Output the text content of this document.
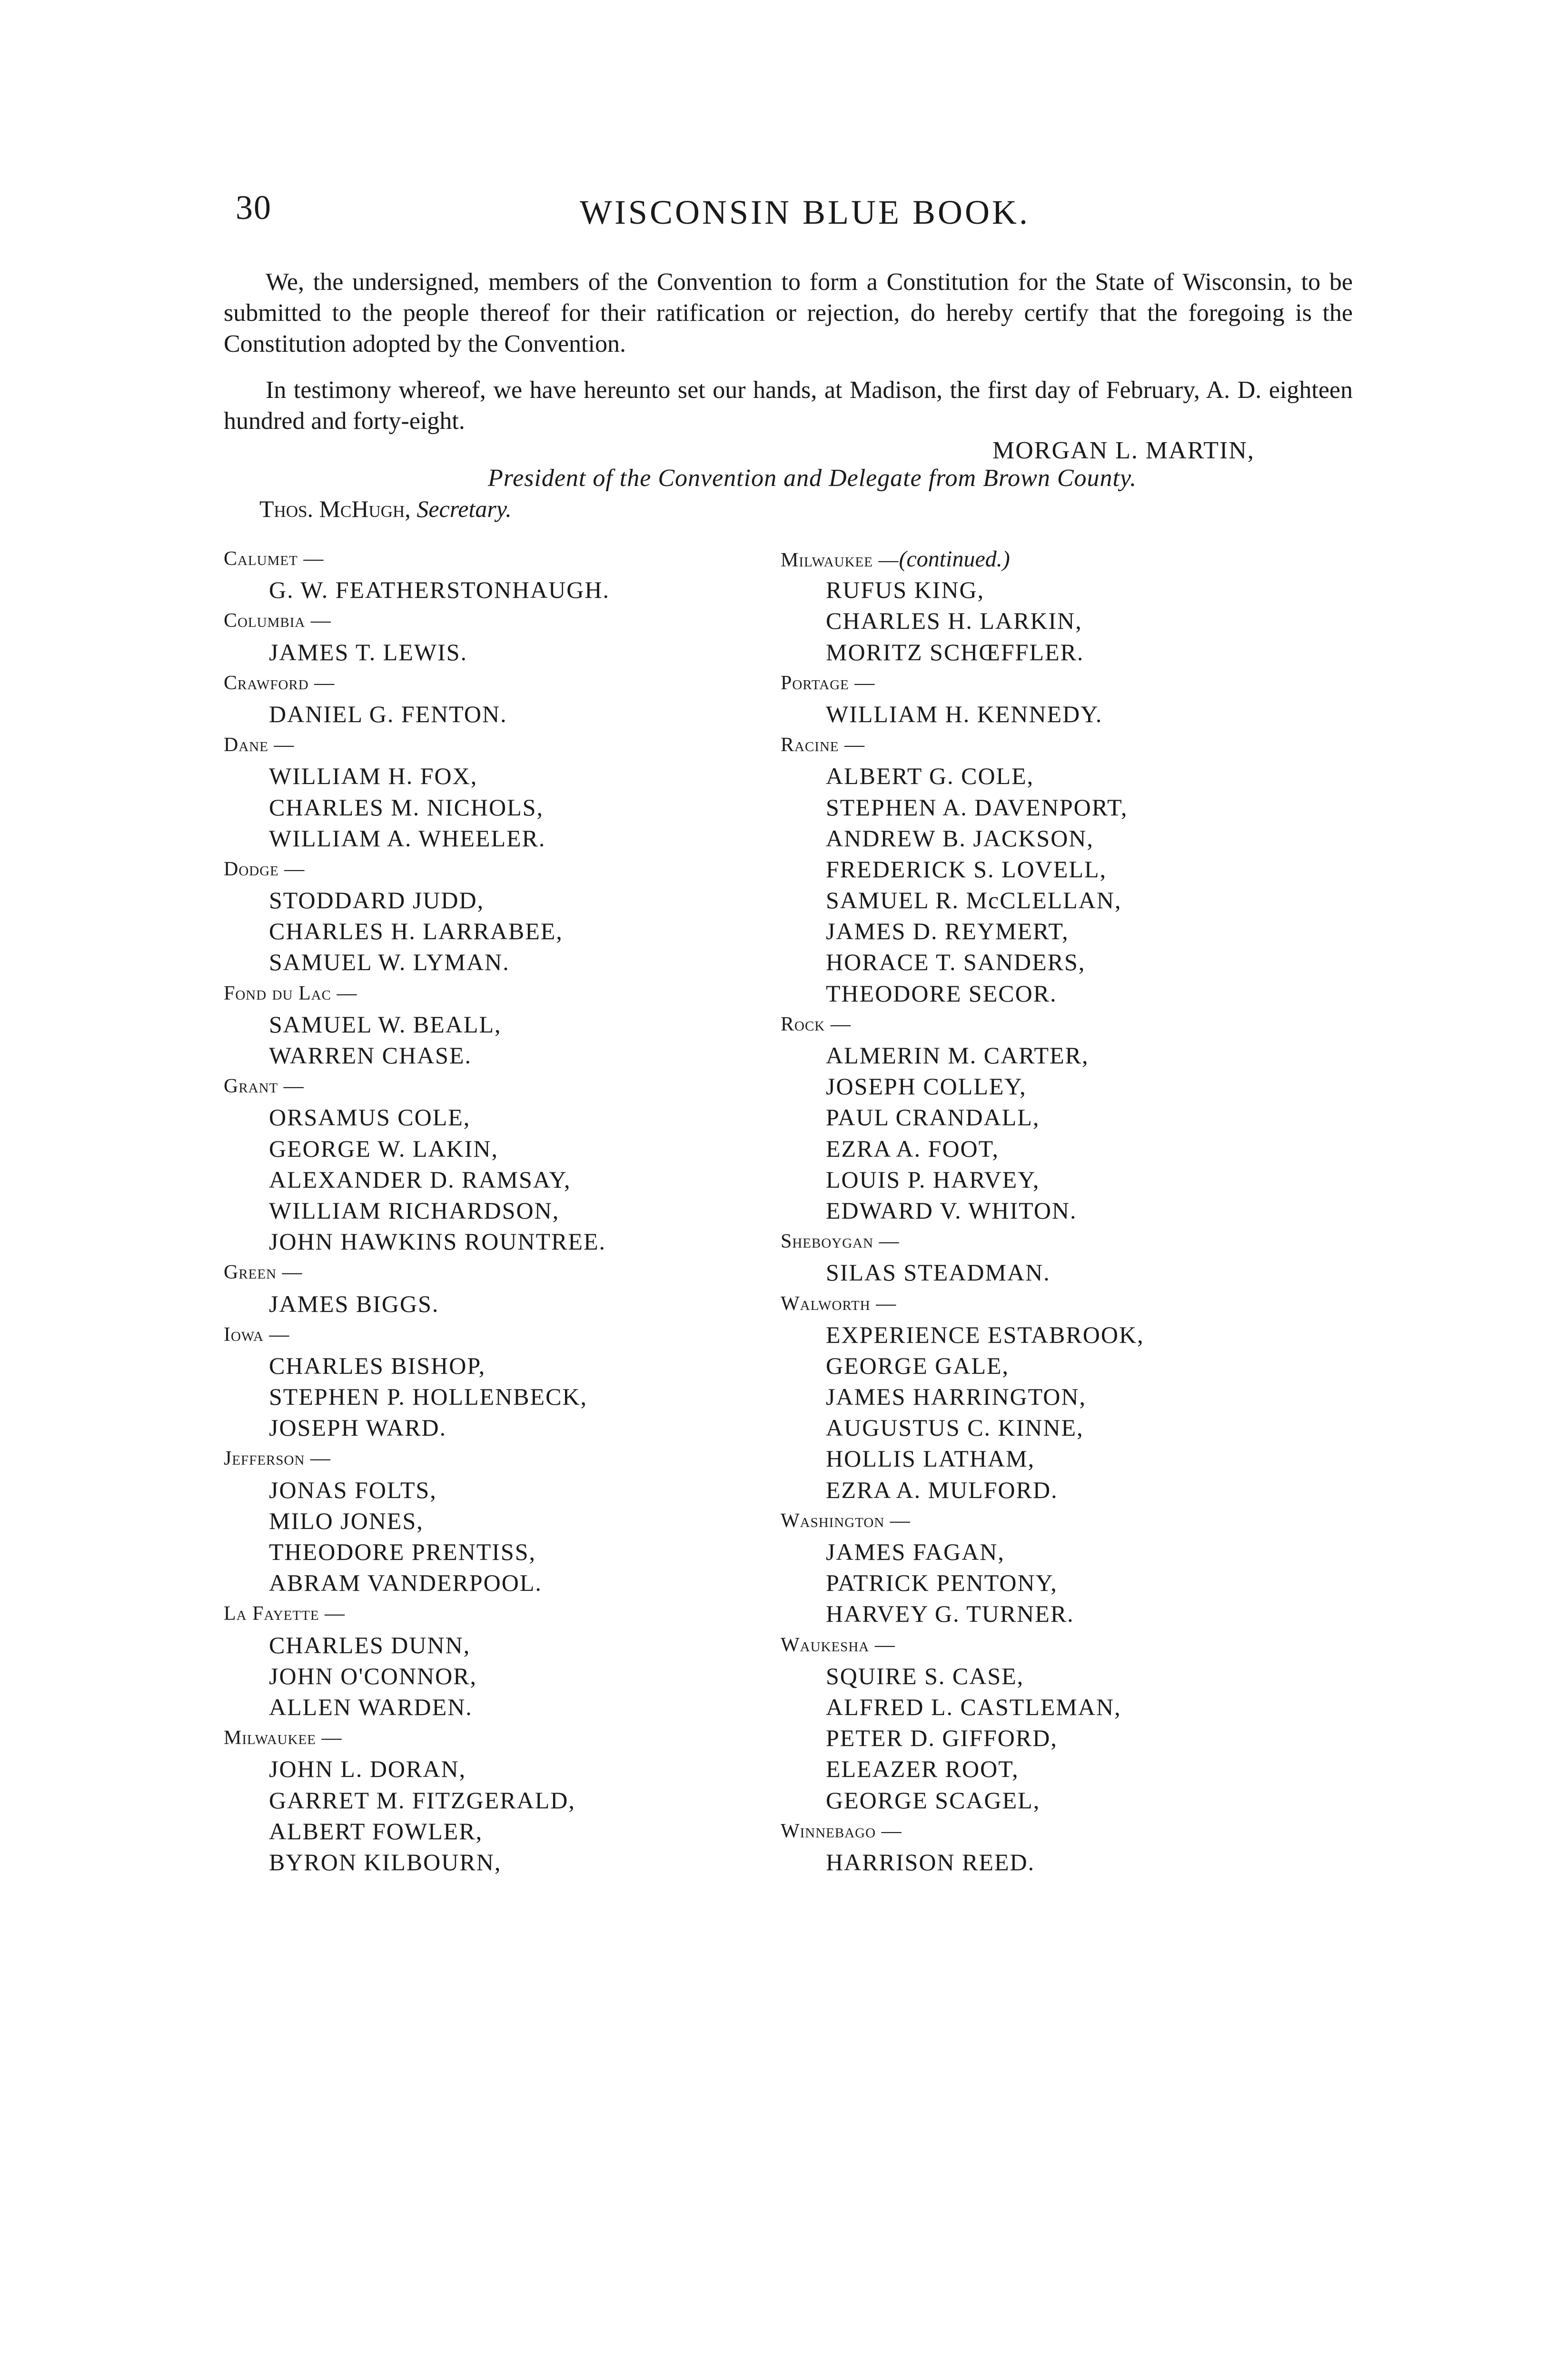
30	WISCONSIN BLUE BOOK.

We, the undersigned, members of the Convention to form a Constitution for the State of Wisconsin, to be submitted to the people thereof for their ratification or rejection, do hereby certify that the foregoing is the Constitution adopted by the Convention.

In testimony whereof, we have hereunto set our hands, at Madison, the first day of February, A. D. eighteen hundred and forty-eight.

MORGAN L. MARTIN,
President of the Convention and Delegate from Brown County.
Thos. McHugh, Secretary.
Calumet —
G. W. FEATHERSTONHAUGH.
Columbia —
JAMES T. LEWIS.
Crawford —
DANIEL G. FENTON.
Dane —
WILLIAM H. FOX,
CHARLES M. NICHOLS,
WILLIAM A. WHEELER.
Dodge —
STODDARD JUDD,
CHARLES H. LARRABEE,
SAMUEL W. LYMAN.
Fond du Lac —
SAMUEL W. BEALL,
WARREN CHASE.
Grant —
ORSAMUS COLE,
GEORGE W. LAKIN,
ALEXANDER D. RAMSAY,
WILLIAM RICHARDSON,
JOHN HAWKINS ROUNTREE.
Green —
JAMES BIGGS.
Iowa —
CHARLES BISHOP,
STEPHEN P. HOLLENBECK,
JOSEPH WARD.
Jefferson —
JONAS FOLTS,
MILO JONES,
THEODORE PRENTISS,
ABRAM VANDERPOOL.
La Fayette —
CHARLES DUNN,
JOHN O'CONNOR,
ALLEN WARDEN.
Milwaukee —
JOHN L. DORAN,
GARRET M. FITZGERALD,
ALBERT FOWLER,
BYRON KILBOURN,
Milwaukee —(continued.)
RUFUS KING,
CHARLES H. LARKIN,
MORITZ SCHŒFFLER.
Portage —
WILLIAM H. KENNEDY.
Racine —
ALBERT G. COLE,
STEPHEN A. DAVENPORT,
ANDREW B. JACKSON,
FREDERICK S. LOVELL,
SAMUEL R. McCLELLAN,
JAMES D. REYMERT,
HORACE T. SANDERS,
THEODORE SECOR.
Rock —
ALMERIN M. CARTER,
JOSEPH COLLEY,
PAUL CRANDALL,
EZRA A. FOOT,
LOUIS P. HARVEY,
EDWARD V. WHITON.
Sheboygan —
SILAS STEADMAN.
Walworth —
EXPERIENCE ESTABROOK,
GEORGE GALE,
JAMES HARRINGTON,
AUGUSTUS C. KINNE,
HOLLIS LATHAM,
EZRA A. MULFORD.
Washington —
JAMES FAGAN,
PATRICK PENTONY,
HARVEY G. TURNER.
Waukesha —
SQUIRE S. CASE,
ALFRED L. CASTLEMAN,
PETER D. GIFFORD,
ELEAZER ROOT,
GEORGE SCAGEL,
Winnebago —
HARRISON REED.
